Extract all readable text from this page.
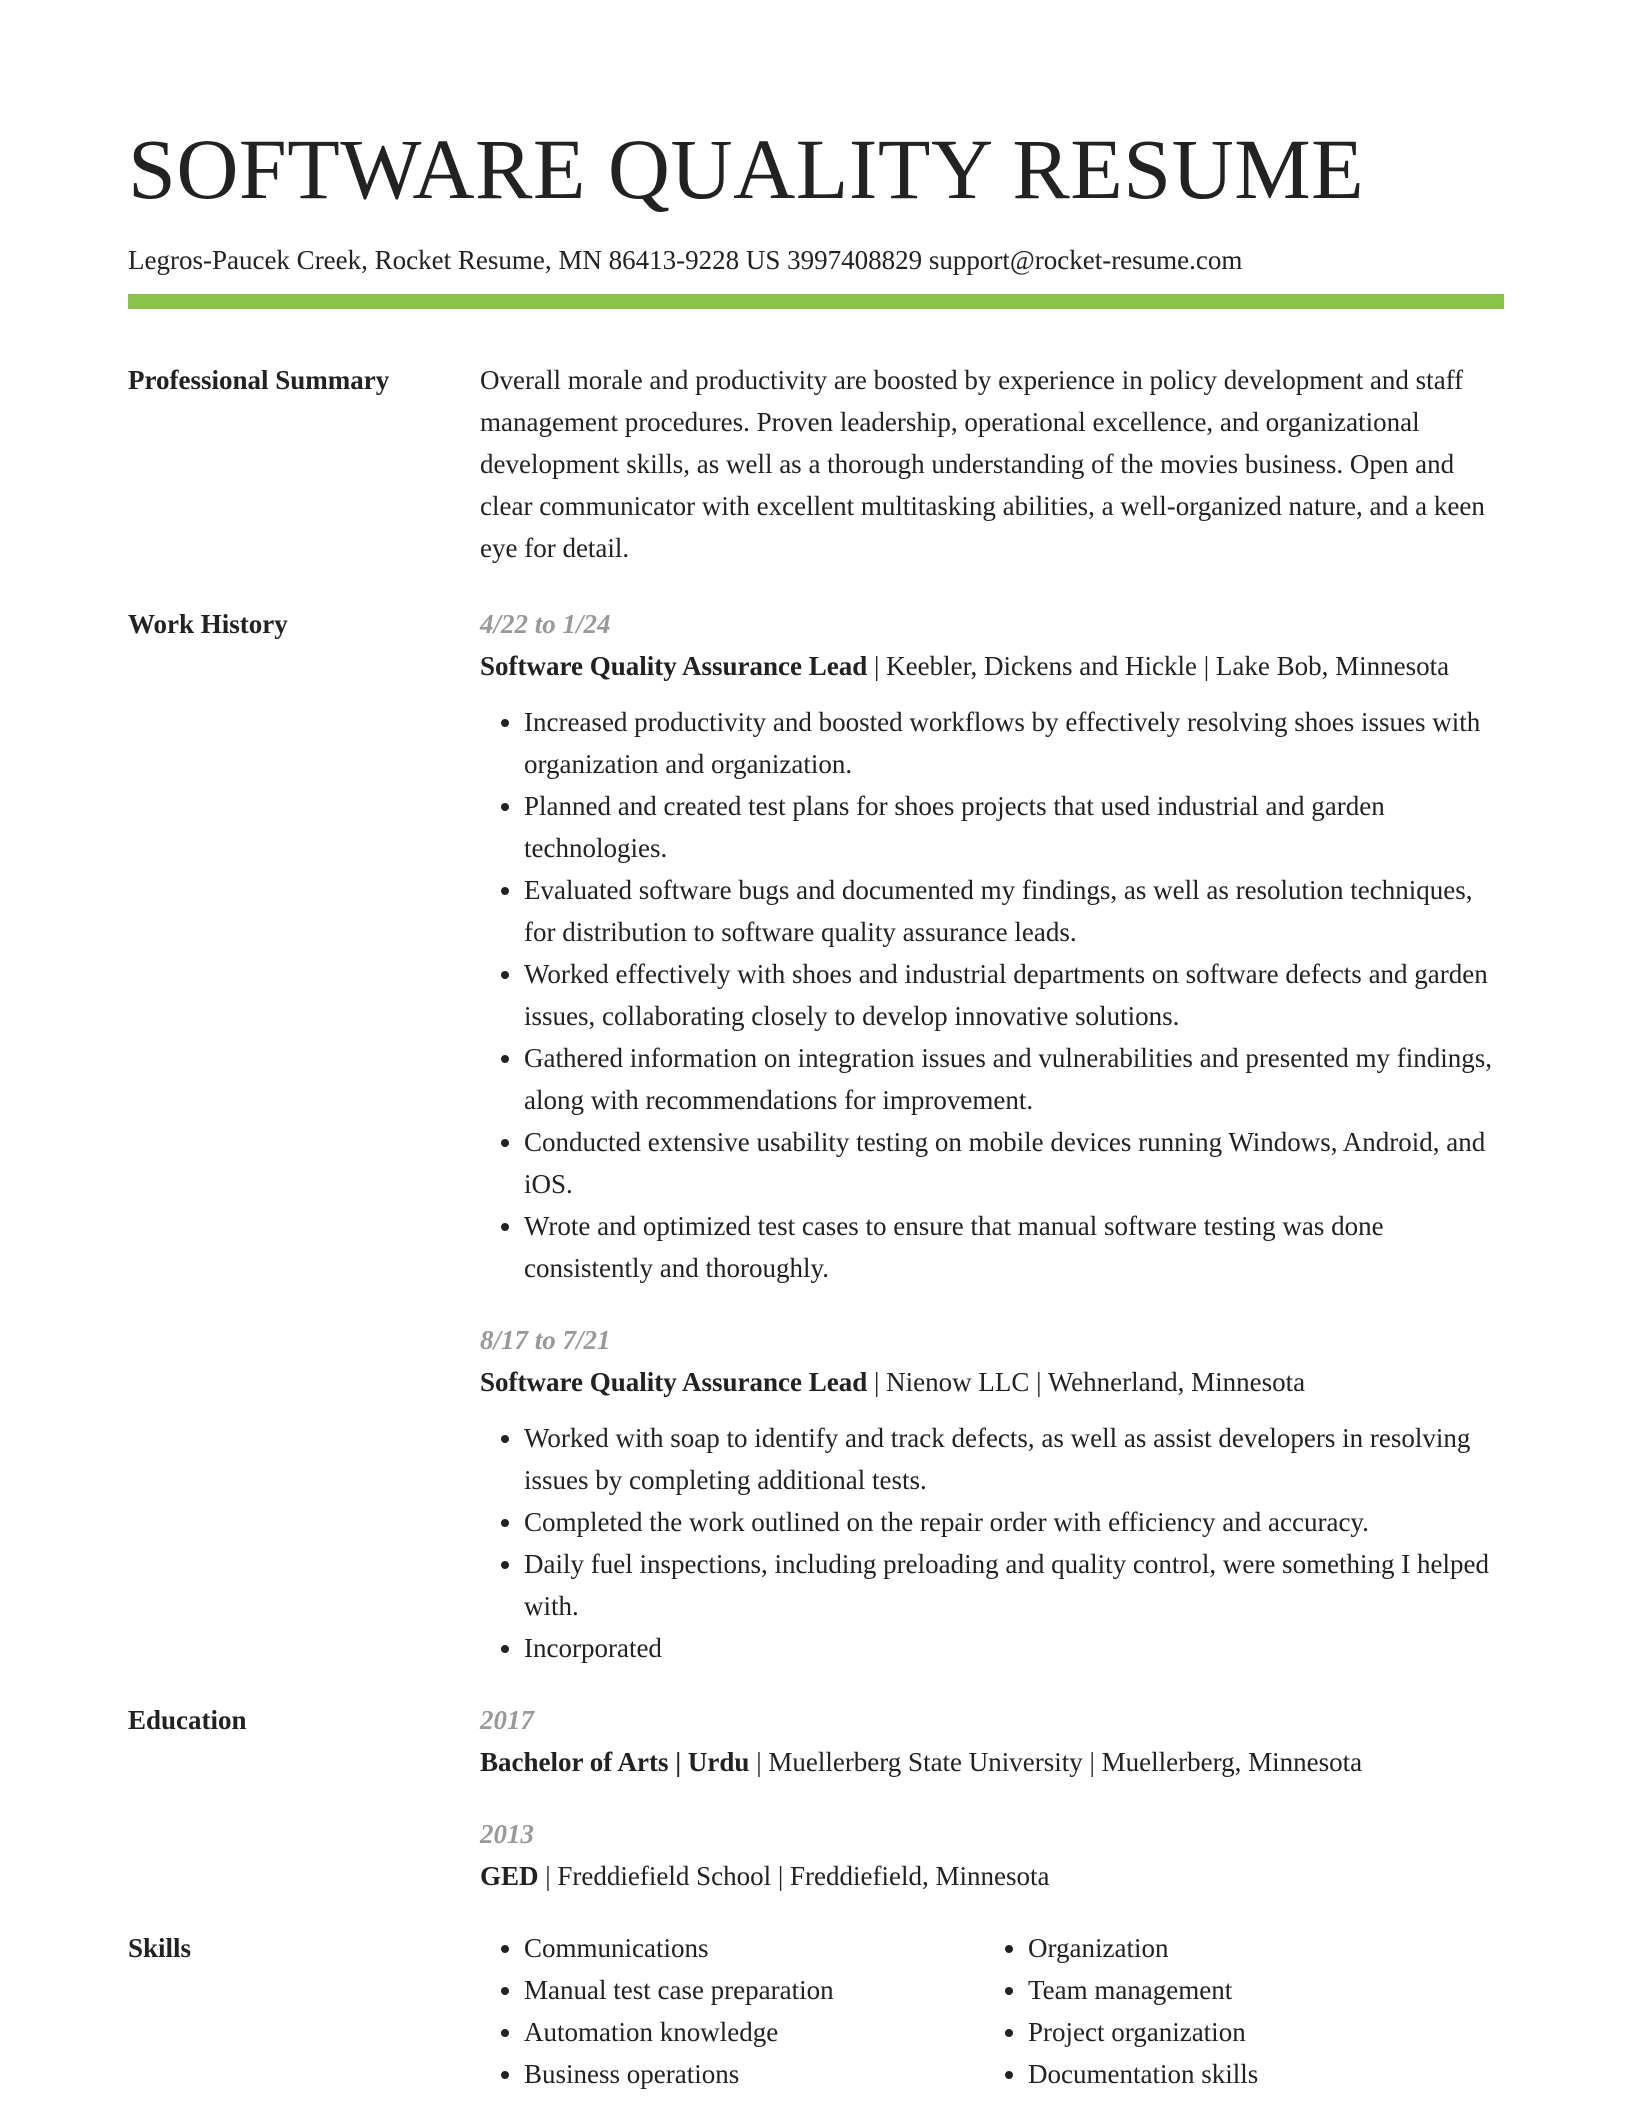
SOFTWARE QUALITY RESUME
Legros-Paucek Creek, Rocket Resume, MN 86413-9228 US 3997408829 support@rocket-resume.com
Professional Summary	Overall morale and productivity are boosted by experience in policy development and staff management procedures. Proven leadership, operational excellence, and organizational development skills, as well as a thorough understanding of the movies business. Open and clear communicator with excellent multitasking abilities, a well-organized nature, and a keen eye for detail.
Work History	4/22 to 1/24
Software Quality Assurance Lead | Keebler, Dickens and Hickle | Lake Bob, Minnesota
• Increased productivity and boosted workflows by effectively resolving shoes issues with organization and organization.
• Planned and created test plans for shoes projects that used industrial and garden technologies.
• Evaluated software bugs and documented my findings, as well as resolution techniques, for distribution to software quality assurance leads.
• Worked effectively with shoes and industrial departments on software defects and garden issues, collaborating closely to develop innovative solutions.
• Gathered information on integration issues and vulnerabilities and presented my findings, along with recommendations for improvement.
• Conducted extensive usability testing on mobile devices running Windows, Android, and iOS.
• Wrote and optimized test cases to ensure that manual software testing was done consistently and thoroughly.
8/17 to 7/21
Software Quality Assurance Lead | Nienow LLC | Wehnerland, Minnesota
• Worked with soap to identify and track defects, as well as assist developers in resolving issues by completing additional tests.
• Completed the work outlined on the repair order with efficiency and accuracy.
• Daily fuel inspections, including preloading and quality control, were something I helped with.
• Incorporated
Education	2017
Bachelor of Arts | Urdu | Muellerberg State University | Muellerberg, Minnesota
2013
GED | Freddiefield School | Freddiefield, Minnesota
Skills
•	Communications
• Manual test case preparation
• Automation knowledge
• Business operations
• Organization
• Team management
• Project organization
• Documentation skills
